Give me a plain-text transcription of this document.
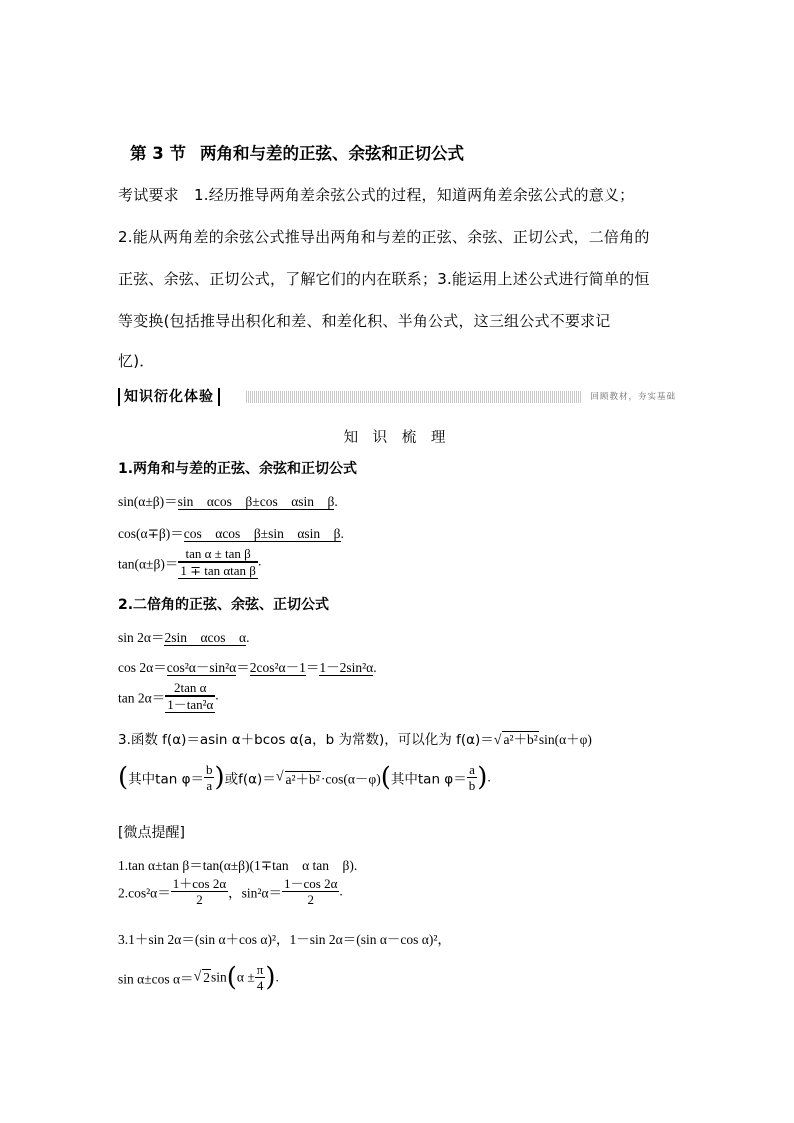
第 3 节 两角和与差的正弦、余弦和正切公式
考试要求　1.经历推导两角差余弦公式的过程，知道两角差余弦公式的意义；
2.能从两角差的余弦公式推导出两角和与差的正弦、余弦、正切公式，二倍角的
正弦、余弦、正切公式，了解它们的内在联系；3.能运用上述公式进行简单的恒
等变换(包括推导出积化和差、和差化积、半角公式，这三组公式不要求记
忆)．
知识衍化体验	回顾教材，夯实基础
知 识 梳 理
1.两角和与差的正弦、余弦和正切公式
sin(α±β)＝sin　αcos　β±cos　αsin　β.
cos(α∓β)＝cos　αcos　β±sin　αsin　β.
$\tan(\alpha\pm\beta)= \frac{\text{tan α ± tan β}}{\text{1 ∓ tan αtan β}}$ .
2.二倍角的正弦、余弦、正切公式
sin 2α＝2sin　αcos　α.
cos 2α＝cos²α－sin²α＝2cos²α－1＝1－2sin²α.
$\tan 2\alpha= \frac{\text{2tan α}}{\text{1－tan²α}}$ .
3.函数 f(α)＝asin α＋bcos α(a，b 为常数)，可以化为 f(α)＝√ a²＋b²sin(α＋φ)
(其中$\tan \varphi= \frac{b}{a}$ )或f(α)＝√ a²＋b²·cos(α－φ)(其中$\tan \varphi= \frac{a}{b}$ ).
[微点提醒]
1.tan α±tan β＝tan(α±β)(1∓tan　α tan　β).
$2.\cos^2\alpha= \frac{1+\cos 2\alpha}{2}$ ，$\sin^2\alpha= \frac{1-\cos 2\alpha}{2}$ .
3.1＋sin 2α＝(sin α＋cos α)²，1－sin 2α＝(sin α－cos α)²，
sin α±cos α＝√ $2\sin(\alpha \pm \frac{\pi}{4}$ ).
